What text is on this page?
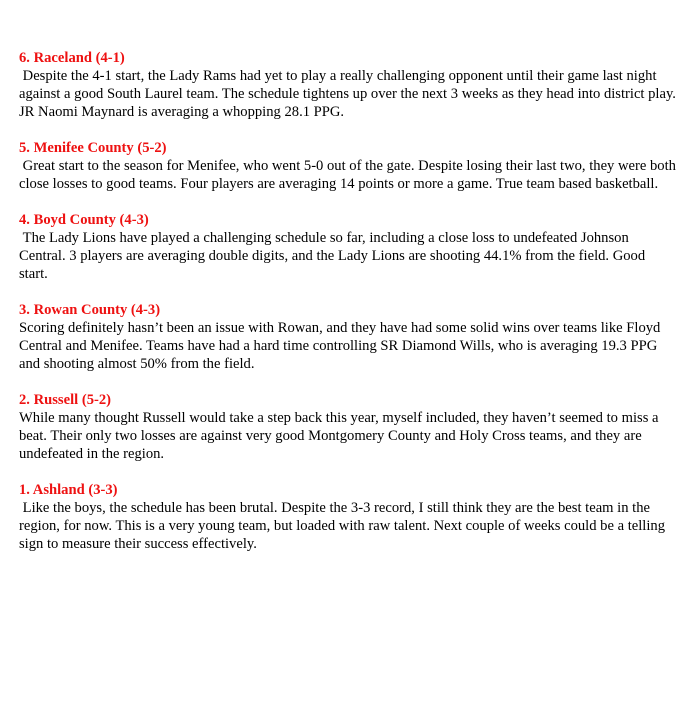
6. Raceland (4-1)

Despite the 4-1 start, the Lady Rams had yet to play a really challenging opponent until their game last night against a good South Laurel team. The schedule tightens up over the next 3 weeks as they head into district play. JR Naomi Maynard is averaging a whopping 28.1 PPG.

5. Menifee County (5-2)

Great start to the season for Menifee, who went 5-0 out of the gate. Despite losing their last two, they were both close losses to good teams. Four players are averaging 14 points or more a game. True team based basketball.

4. Boyd County (4-3)

The Lady Lions have played a challenging schedule so far, including a close loss to undefeated Johnson Central. 3 players are averaging double digits, and the Lady Lions are shooting 44.1% from the field. Good start.

3. Rowan County (4-3)

Scoring definitely hasn’t been an issue with Rowan, and they have had some solid wins over teams like Floyd Central and Menifee. Teams have had a hard time controlling SR Diamond Wills, who is averaging 19.3 PPG and shooting almost 50% from the field.

2. Russell (5-2)

While many thought Russell would take a step back this year, myself included, they haven’t seemed to miss a beat. Their only two losses are against very good Montgomery County and Holy Cross teams, and they are undefeated in the region.

1. Ashland (3-3)

Like the boys, the schedule has been brutal. Despite the 3-3 record, I still think they are the best team in the region, for now. This is a very young team, but loaded with raw talent. Next couple of weeks could be a telling sign to measure their success effectively.
